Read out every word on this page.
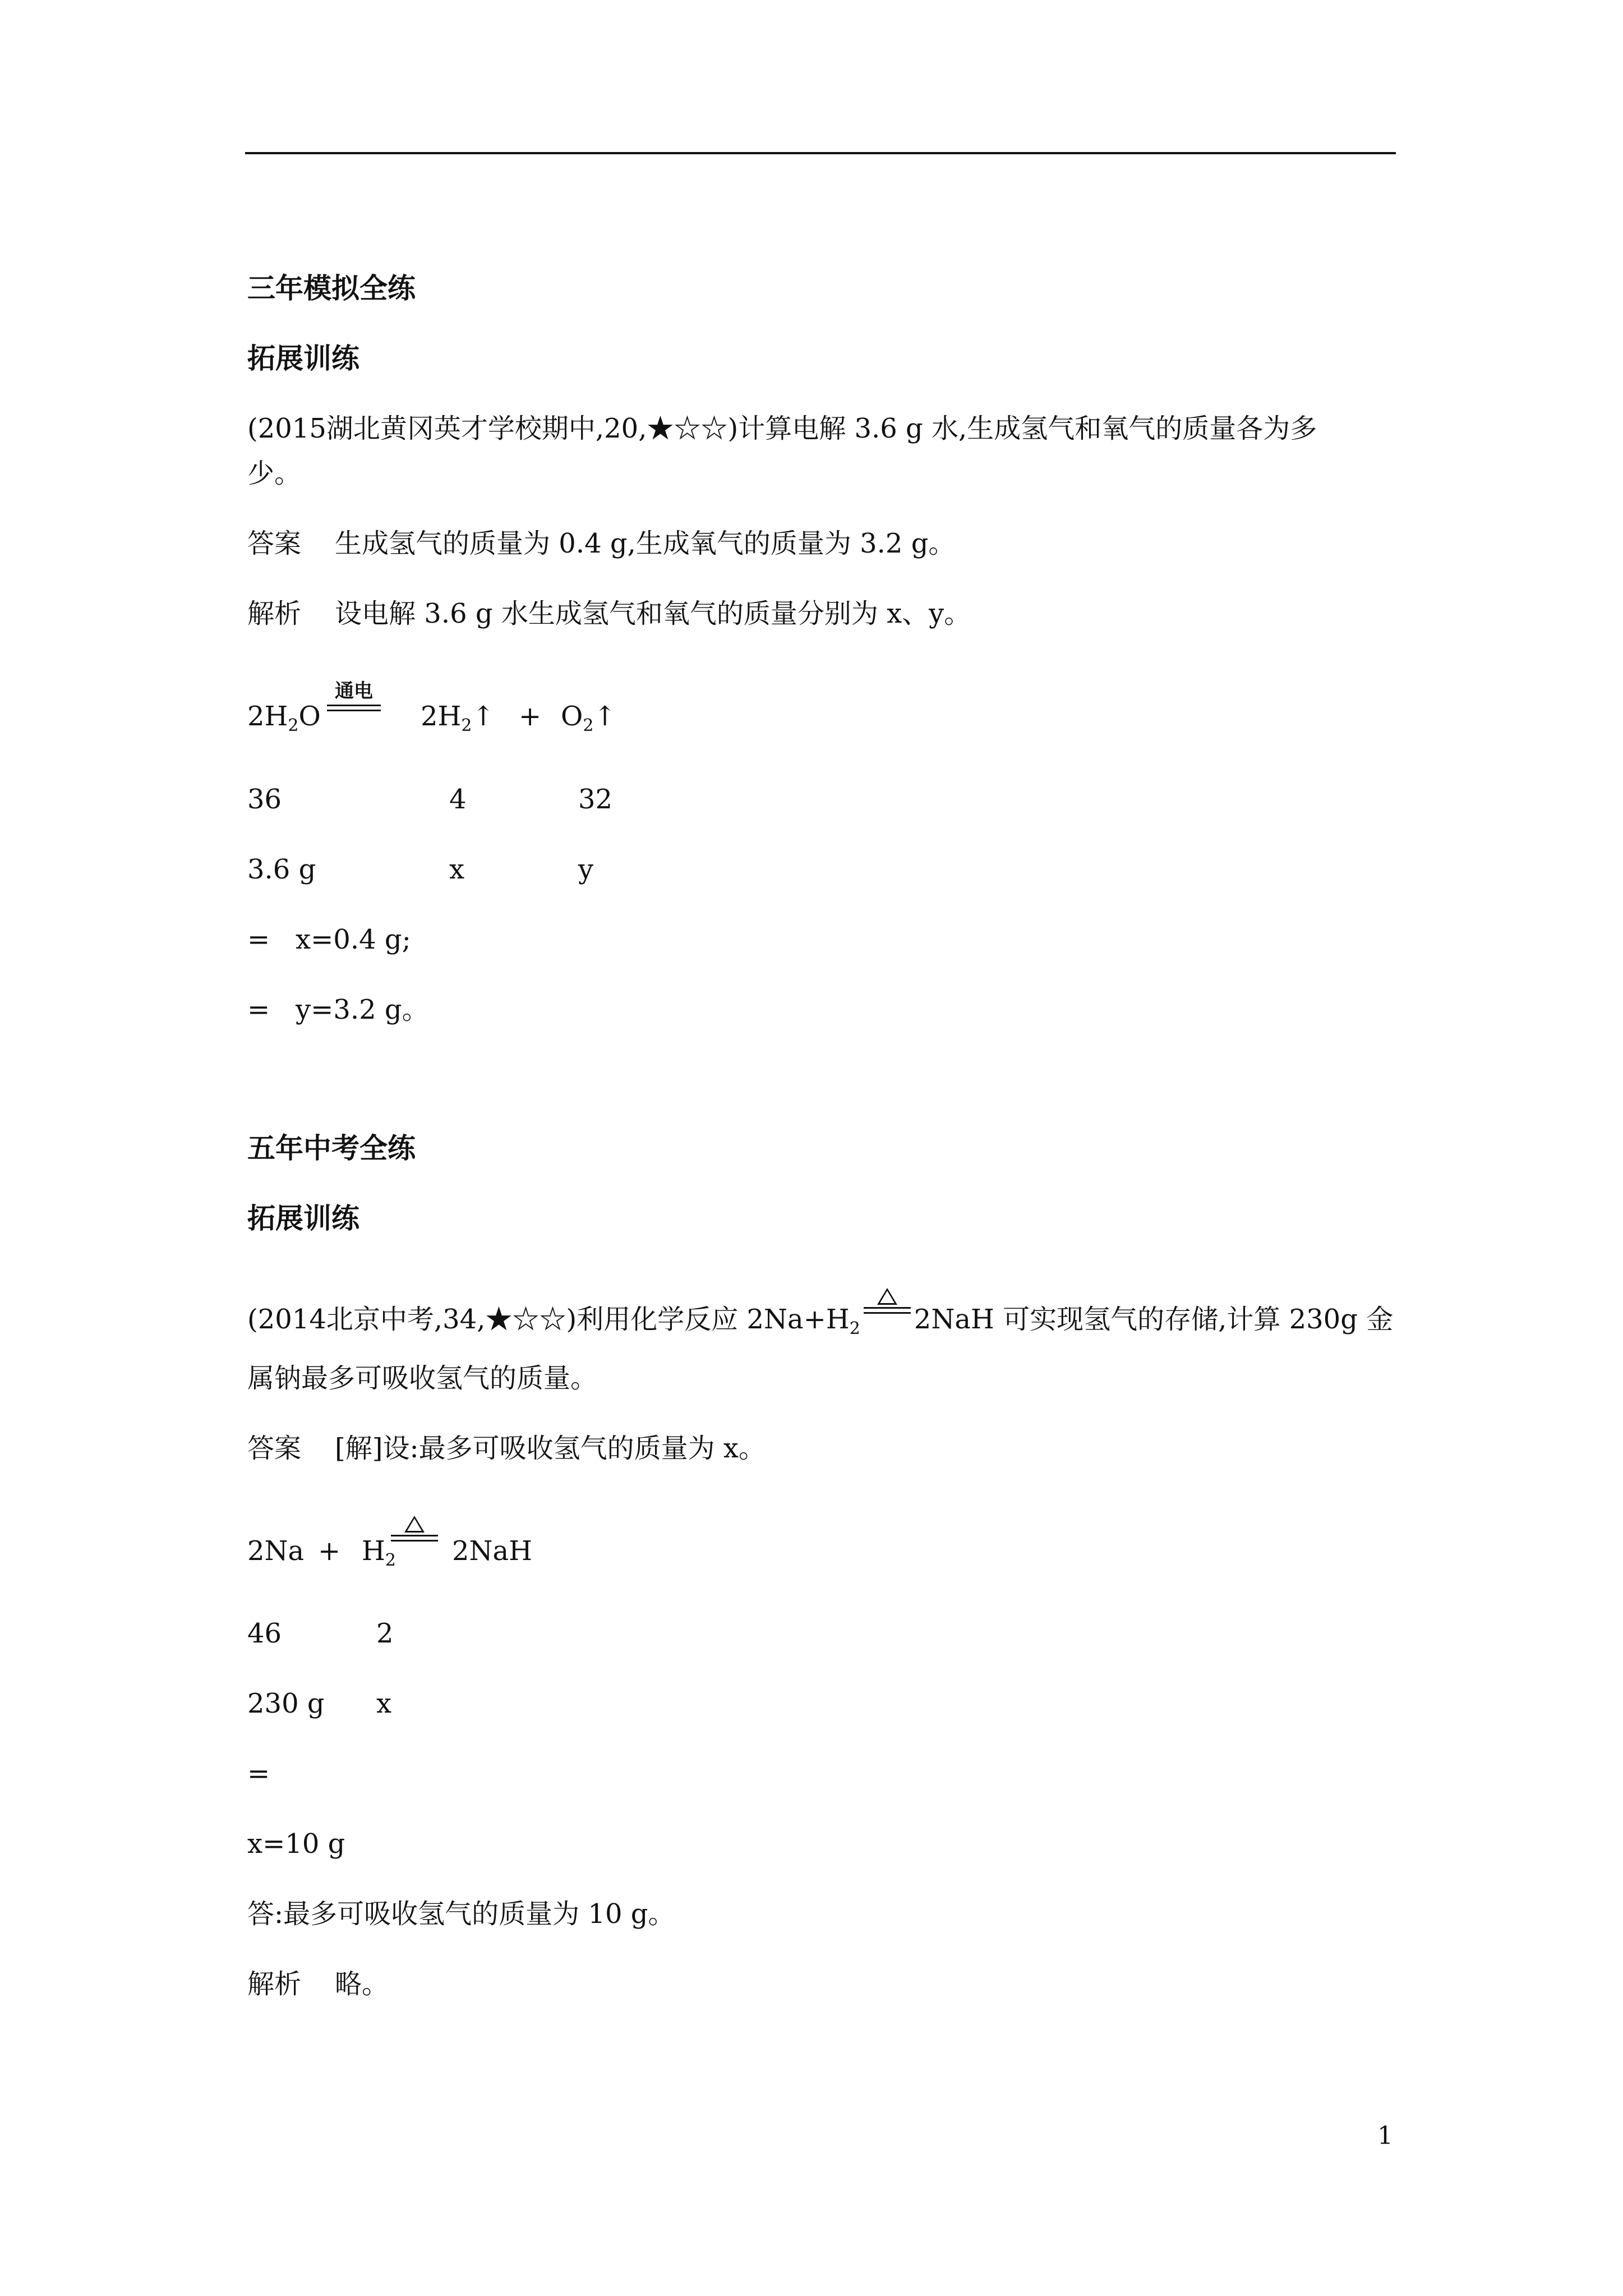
三年模拟全练
拓展训练
(2015湖北黄冈英才学校期中,20,★☆☆)计算电解 3.6 g 水,生成氢气和氧气的质量各为多
少。
答案 生成氢气的质量为 0.4 g,生成氧气的质量为 3.2 g。
解析 设电解 3.6 g 水生成氢气和氧气的质量分别为 x、y。
$2H_2O$
通电
$2H_2↑$ + $O_2↑$
36	4	32
3.6 g	x	y
=   x=0.4 g;
=   y=3.2 g。
五年中考全练
拓展训练
(2014北京中考,34,★☆☆)利用化学反应 $2Na+H_2$ 2NaH 可实现氢气的存储,计算 230g 金
属钠最多可吸收氢气的质量。
答案 [解]设:最多可吸收氢气的质量为 x。
$2Na + H_2$ 2NaH
46	2
230 g x
=
x=10 g
答:最多可吸收氢气的质量为 10 g。
解析 略。
1
